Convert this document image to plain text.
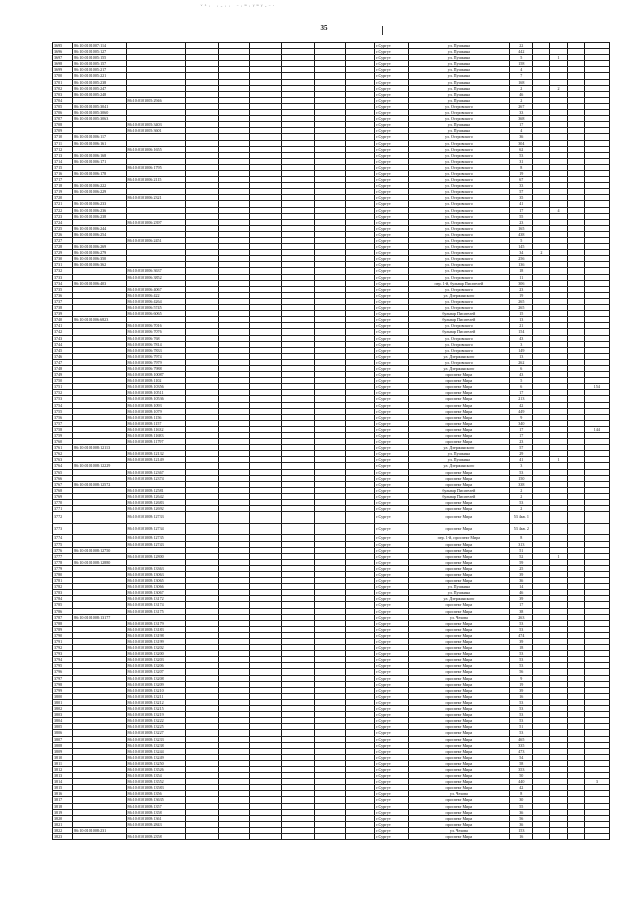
ᵛⁱ· ·‐·· ⁻·ʷ·ʸʷʸ‐⁻ˑ
35
3695	86:10:0101007:114								г.Сургут	ул. Пушкина	22				
3696	86:10:0101005:127								г.Сургут	ул. Пушкина	442				
3697	86:10:0101005:155								г.Сургут	ул. Пушкина	5		1		
3698	86:10:0101005:157								г.Сургут	ул. Пушкина	158				
3699	86:10:0101005:217								г.Сургут	ул. Пушкина	4				
3700	86:10:0101005:221								г.Сургут	ул. Пушкина	7				
3701	86:10:0101005:238								г.Сургут	ул. Пушкина	168				
3702	86:10:0101005:247								г.Сургут	ул. Пушкина	2		2		
3703	86:10:0101005:248								г.Сургут	ул. Пушкина	46				
3704		86:10:0101005:2946							г.Сургут	ул. Пушкина	2				
3705	86:10:0101005:3041								г.Сургут	ул. Островского	267				
3706	86:10:0101005:3060								г.Сургут	ул. Островского	33				
3707	86:10:0101005:3063								г.Сургут	ул. Островского	368				
3708		86:10:0101005:3403							г.Сургут	ул. Пушкина	17				
3709		86:10:0101005:3601							г.Сургут	ул. Пушкина	4				
3710	86:10:0101006:117								г.Сургут	ул. Островского	36				
3711	86:10:0101006:161								г.Сургут	ул. Островского	304				
3712		86:10:0101006:1655							г.Сургут	ул. Островского	62				
3713	86:10:0101006:168								г.Сургут	ул. Островского	53				
3714	86:10:0101006:171								г.Сургут	ул. Островского	31				
3715		86:10:0101006:1795							г.Сургут	ул. Островского	8				
3716	86:10:0101006:178								г.Сургут	ул. Островского	19				
3717		86:10:0101006:2115							г.Сургут	ул. Островского	67				
3718	86:10:0101006:222								г.Сургут	ул. Островского	33				
3719	86:10:0101006:229								г.Сургут	ул. Островского	57				
3720		86:10:0101006:2321							г.Сургут	ул. Островского	35				
3721	86:10:0101006:233								г.Сургут	ул. Островского	41				
3722	86:10:0101006:236								г.Сургут	ул. Островского	17		4		
3723	86:10:0101006:238								г.Сургут	ул. Островского	55				
3724		86:10:0101006:2397							г.Сургут	ул. Островского	23				
3725	86:10:0101006:244								г.Сургут	ул. Островского	165				
3726	86:10:0101006:254								г.Сургут	ул. Островского	438				
3727		86:10:0101006:2451							г.Сургут	ул. Островского	5				
3728	86:10:0101006:269								г.Сургут	ул. Островского	145				
3729	86:10:0101006:279								г.Сургут	ул. Островского	34	2			
3730	86:10:0101006:350								г.Сургут	ул. Островского	256				
3731	86:10:0101006:362								г.Сургут	ул. Островского	136				
3732		86:10:0101006:3637							г.Сургут	ул. Островского	18				
3733		86:10:0101006:3852							г.Сургут	ул. Островского	11				
3734	86:10:0101006:403								г.Сургут	пер. 1-й, бульвар Писателей	306				
3735		86:10:0101006:4067							г.Сургут	ул. Островского	23				
3736		86:10:0101006:422							г.Сургут	ул. Дзержинского	19				
3737		86:10:0101006:4264							г.Сургут	ул. Островского	265				
3738		86:10:0101006:5745							г.Сургут	ул. Островского	265				
3739		86:10:0101006:6065							г.Сургут	бульвар Писателей	15				
3740	86:10:0101006:6823								г.Сургут	бульвар Писателей	13				
3741		86:10:0101006:7016							г.Сургут	ул. Островского	21				
3742		86:10:0101006:7076							г.Сургут	бульвар Писателей	154				
3743		86:10:0101006:768							г.Сургут	ул. Островского	43				
3744		86:10:0101006:7814							г.Сургут	ул. Островского	3				
3745		86:10:0101006:7833							г.Сургут	ул. Островского	149				
3746		86:10:0101006:7974							г.Сургут	ул. Дзержинского	13				
3747		86:10:0101006:7979							г.Сургут	ул. Островского	262				
3748		86:10:0101006:7988							г.Сургут	ул. Дзержинского	6				
3749		86:10:0101008:10087							г.Сургут	проспект Мира	43				
3750		86:10:0101008:1102							г.Сургут	проспект Мира	5				
3751		86:10:0101008:10356							г.Сургут	проспект Мира	6				154
3752		86:10:0101008:10511							г.Сургут	проспект Мира	17				
3753		86:10:0101008:10536							г.Сургут	проспект Мира	213				
3754		86:10:0101008:1093							г.Сургут	проспект Мира	42				
3755		86:10:0101008:1079							г.Сургут	проспект Мира	449				
3756		86:10:0101008:1156							г.Сургут	проспект Мира	9				
3757		86:10:0101008:1157							г.Сургут	проспект Мира	340				
3758		86:10:0101008:11632							г.Сургут	проспект Мира	17				144
3759		86:10:0101008:11683							г.Сургут	проспект Мира	17				
3760		86:10:0101008:11797							г.Сургут	проспект Мира	23				
3761	86:10:0101008:12113								г.Сургут	ул. Дзержинского	57				
3762		86:10:0101008:12132							г.Сургут	ул. Пушкина	29				
3763		86:10:0101008:12149							г.Сургут	ул. Пушкина	41		1		
3764	86:10:0101008:12229								г.Сургут	ул. Дзержинского	3				
3765		86:10:0101008:12367							г.Сургут	проспект Мира	53				
3766		86:10:0101008:12374							г.Сургут	проспект Мира	150				
3767	86:10:0101008:12572								г.Сургут	проспект Мира	338				
3768		86:10:0101008:12581							г.Сургут	бульвар Писателей	2				
3769		86:10:0101008:12642							г.Сургут	бульвар Писателей	2				
3770		86:10:0101008:12683							г.Сургут	проспект Мира	53				
3771		86:10:0101008:12692							г.Сургут	проспект Мира	2				
3772		86:10:0101008:12733							г.Сургут	проспект Мира	53 4кв. 1				
3773		86:10:0101008:12734							г.Сургут	проспект Мира	53 4кв. 2				
3774		86:10:0101008:12735							г.Сургут	пер. 1-й, проспект Мира	8				
3775		86:10:0101008:12743							г.Сургут	проспект Мира	313				
3776	86:10:0101008:12750								г.Сургут	проспект Мира	51				
3777		86:10:0101008:12800							г.Сургут	проспект Мира	52		1		
3778	86:10:0101008:12880								г.Сургут	проспект Мира	59				
3779		86:10:0101008:13363							г.Сургут	проспект Мира	25				
3780		86:10:0101008:13063							г.Сургут	проспект Мира	39				
3781		86:10:0101008:13065							г.Сургут	проспект Мира	36				
3782		86:10:0101008:13066							г.Сургут	ул. Пушкина	14				
3783		86:10:0101008:13067							г.Сургут	ул. Пушкина	46				
3784		86:10:0101008:13172							г.Сургут	ул. Дзержинского	39				
3785		86:10:0101008:13174							г.Сургут	проспект Мира	17				
3786		86:10:0101008:13175							г.Сургут	проспект Мира	38				
3787	86:10:0101008:13177								г.Сургут	ул. Чехова	263				
3788		86:10:0101008:13179							г.Сургут	проспект Мира	53				
3789		86:10:0101008:13183							г.Сургут	проспект Мира	53				
3790		86:10:0101008:13198							г.Сургут	проспект Мира	474				
3791		86:10:0101008:13199							г.Сургут	проспект Мира	39				
3792		86:10:0101008:13202							г.Сургут	проспект Мира	18				
3793		86:10:0101008:13200							г.Сургут	проспект Мира	53				
3794		86:10:0101008:13203							г.Сургут	проспект Мира	53				
3795		86:10:0101008:13206							г.Сургут	проспект Мира	53				
3796		86:10:0101008:13207							г.Сургут	проспект Мира	56				
3797		86:10:0101008:13208							г.Сургут	проспект Мира	9				
3798		86:10:0101008:13209							г.Сургут	проспект Мира	19				
3799		86:10:0101008:13210							г.Сургут	проспект Мира	39				
3800		86:10:0101008:13211							г.Сургут	проспект Мира	16				
3801		86:10:0101008:13212							г.Сургут	проспект Мира	53				
3802		86:10:0101008:13215							г.Сургут	проспект Мира	53				
3803		86:10:0101008:13219							г.Сургут	проспект Мира	53				
3804		86:10:0101008:13222							г.Сургут	проспект Мира	53				
3805		86:10:0101008:13225							г.Сургут	проспект Мира	51				
3806		86:10:0101008:13227							г.Сургут	проспект Мира	53				
3807		86:10:0101008:13233							г.Сургут	проспект Мира	465				
3808		86:10:0101008:13238							г.Сургут	проспект Мира	335				
3809		86:10:0101008:13244							г.Сургут	проспект Мира	473				
3810		86:10:0101008:13249							г.Сургут	проспект Мира	54				
3811		86:10:0101008:13250							г.Сургут	проспект Мира	58				
3812		86:10:0101008:13526							г.Сургут	проспект Мира	353				
3813		86:10:0101008:1354							г.Сургут	проспект Мира	50				
3814		86:10:0101008:13552							г.Сургут	проспект Мира	440				3
3815		86:10:0101008:13583							г.Сургут	проспект Мира	42				
3816		86:10:0101008:1356							г.Сургут	ул. Чехова	8				
3817		86:10:0101008:13635							г.Сургут	проспект Мира	30				
3818		86:10:0101008:1357							г.Сургут	проспект Мира	55				
3819		86:10:0101008:1358							г.Сургут	проспект Мира	36				
3820		86:10:0101008:1361							г.Сургут	проспект Мира	56				
3821		86:10:0101008:2843							г.Сургут	проспект Мира	36				
3822	86:10:0101008:231								г.Сургут	ул. Чехова	153				
3823		86:10:0101008:2358							г.Сургут	проспект Мира	16				
